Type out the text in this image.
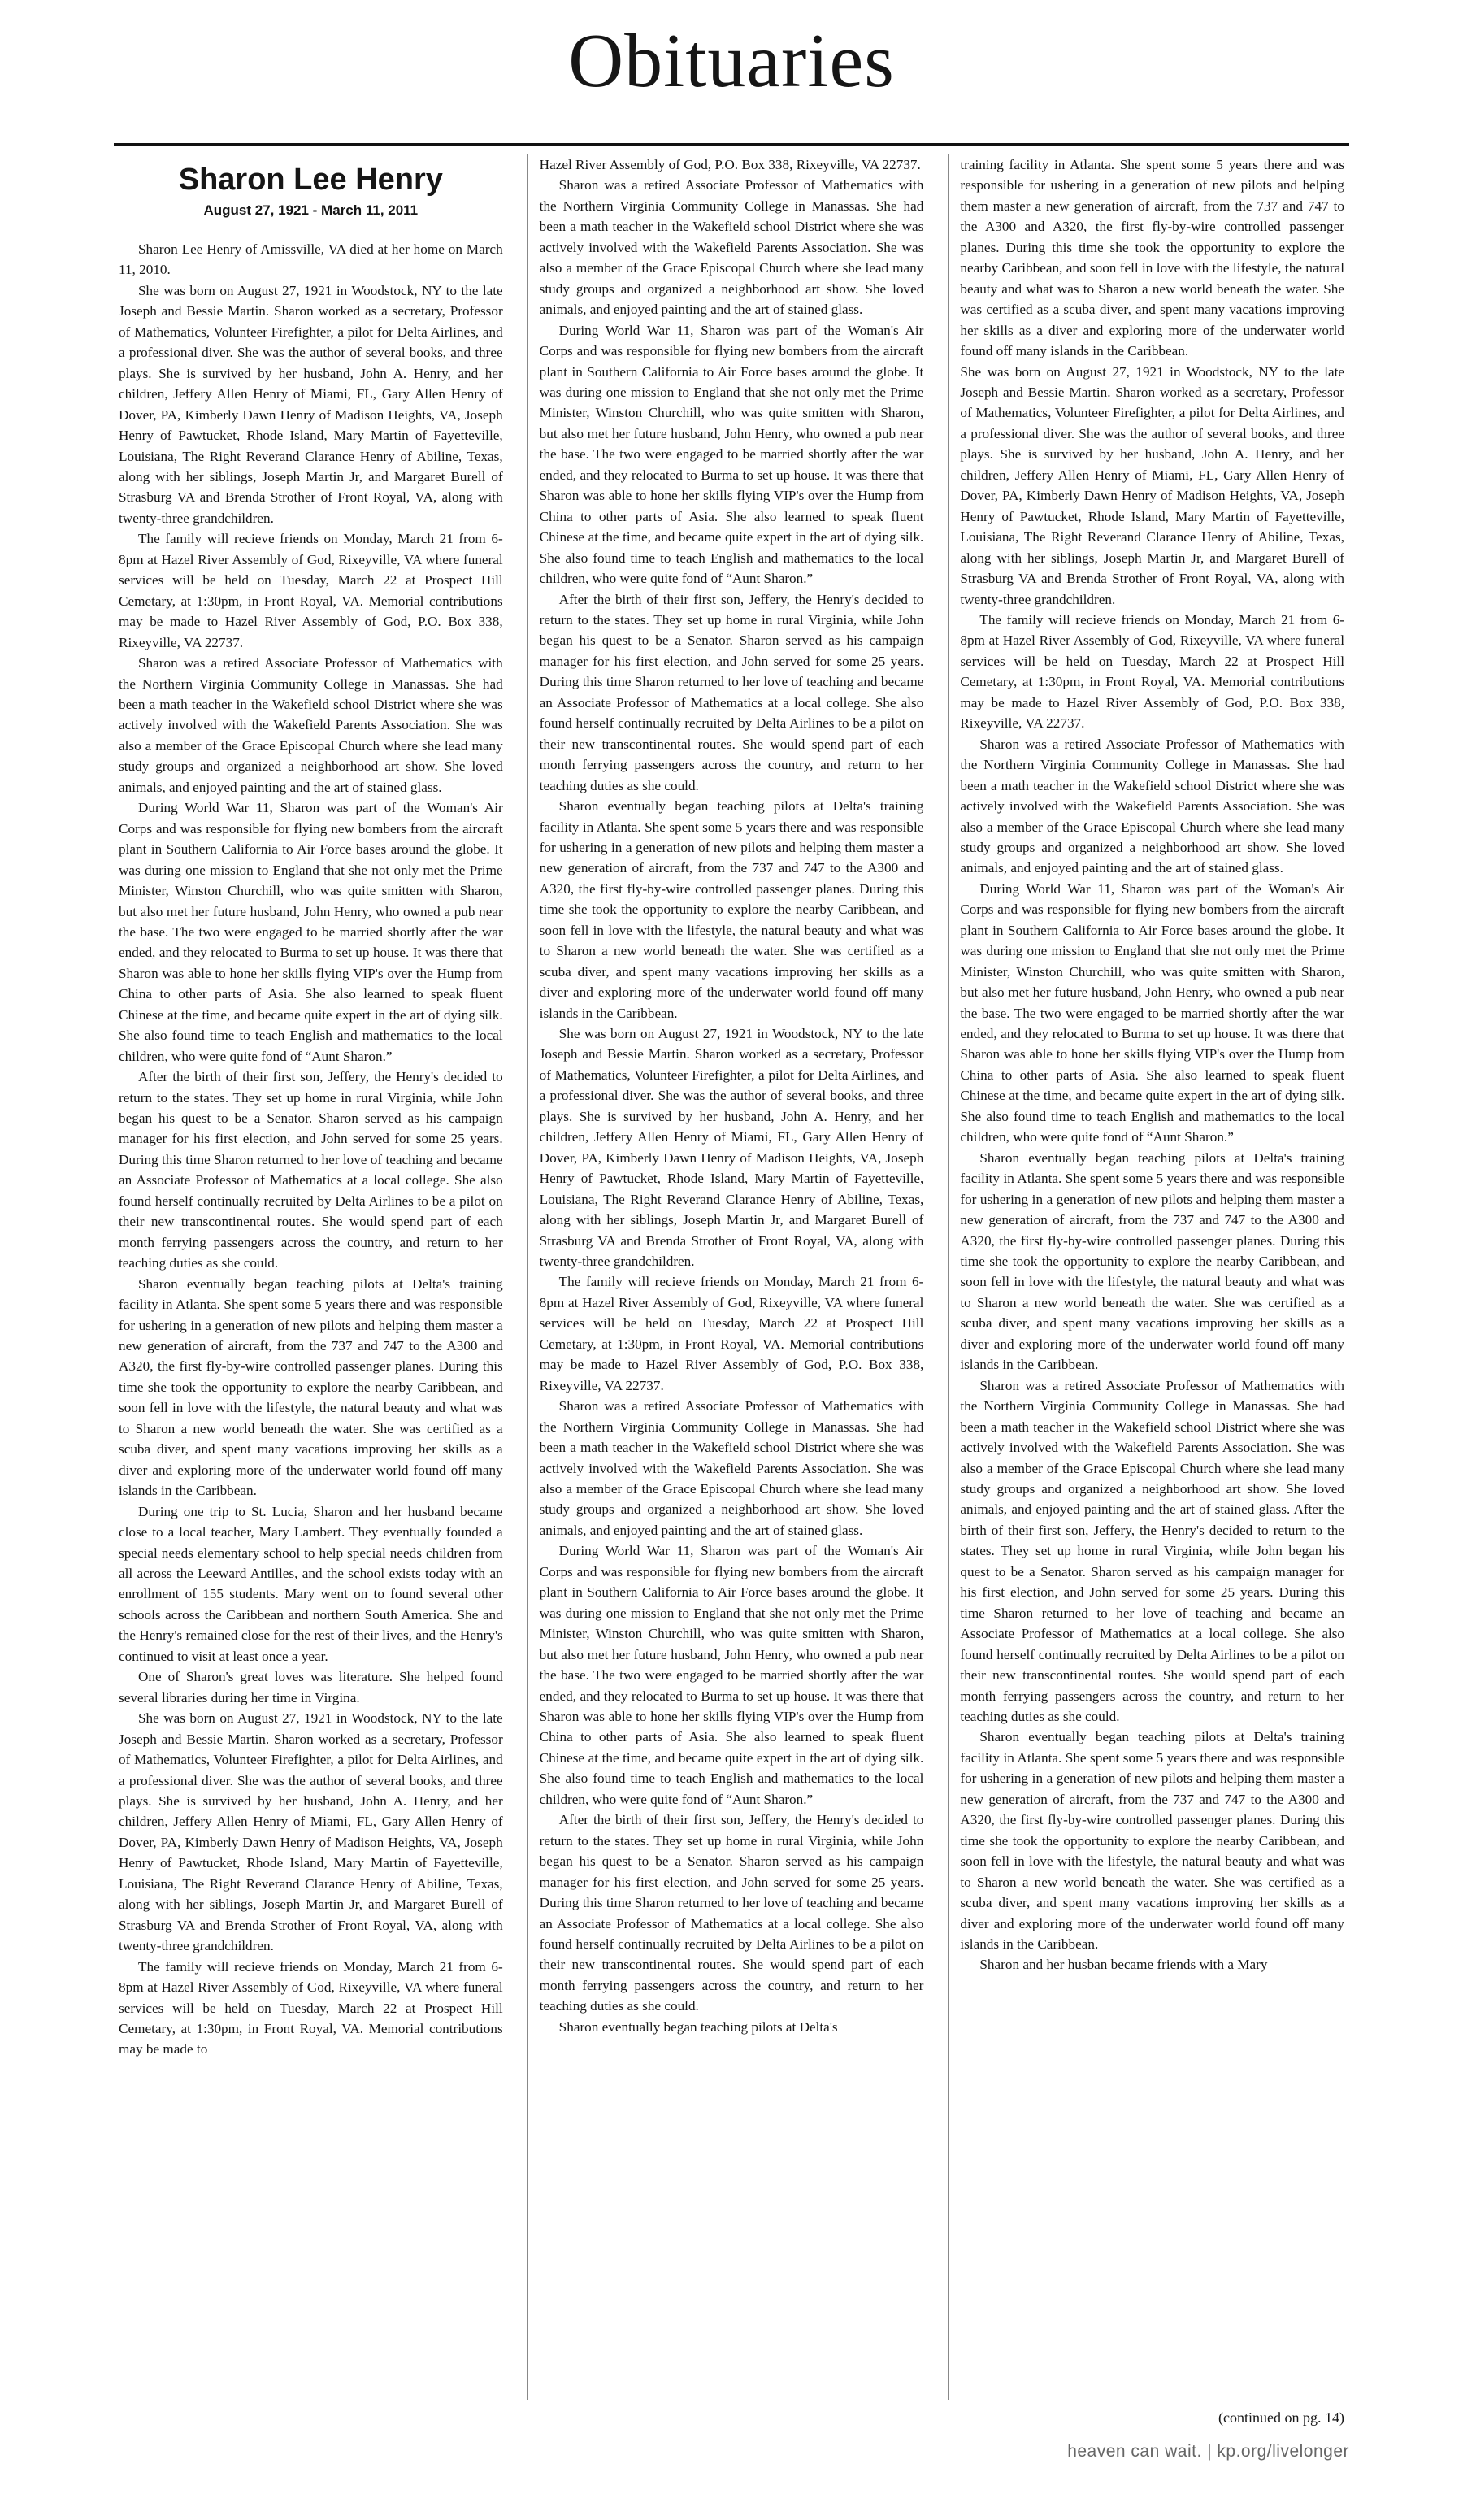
Obituaries
Sharon Lee Henry
August 27, 1921 - March 11, 2011

Sharon Lee Henry of Amissville, VA died at her home on March 11, 2010.

She was born on August 27, 1921 in Woodstock, NY to the late Joseph and Bessie Martin. Sharon worked as a secretary, Professor of Mathematics, Volunteer Firefighter, a pilot for Delta Airlines, and a professional diver. She was the author of several books, and three plays. She is survived by her husband, John A. Henry, and her children, Jeffery Allen Henry of Miami, FL, Gary Allen Henry of Dover, PA, Kimberly Dawn Henry of Madison Heights, VA, Joseph Henry of Pawtucket, Rhode Island, Mary Martin of Fayetteville, Louisiana, The Right Reverand Clarance Henry of Abiline, Texas, along with her siblings, Joseph Martin Jr, and Margaret Burell of Strasburg VA and Brenda Strother of Front Royal, VA, along with twenty-three grandchildren.

The family will recieve friends on Monday, March 21 from 6-8pm at Hazel River Assembly of God, Rixeyville, VA where funeral services will be held on Tuesday, March 22 at Prospect Hill Cemetary, at 1:30pm, in Front Royal, VA. Memorial contributions may be made to Hazel River Assembly of God, P.O. Box 338, Rixeyville, VA 22737.

Sharon was a retired Associate Professor of Mathematics with the Northern Virginia Community College in Manassas. She had been a math teacher in the Wakefield school District where she was actively involved with the Wakefield Parents Association. She was also a member of the Grace Episcopal Church where she lead many study groups and organized a neighborhood art show. She loved animals, and enjoyed painting and the art of stained glass.

During World War 11, Sharon was part of the Woman's Air Corps and was responsible for flying new bombers from the aircraft plant in Southern California to Air Force bases around the globe. It was during one mission to England that she not only met the Prime Minister, Winston Churchill, who was quite smitten with Sharon, but also met her future husband, John Henry, who owned a pub near the base. The two were engaged to be married shortly after the war ended, and they relocated to Burma to set up house. It was there that Sharon was able to hone her skills flying VIP's over the Hump from China to other parts of Asia. She also learned to speak fluent Chinese at the time, and became quite expert in the art of dying silk. She also found time to teach English and mathematics to the local children, who were quite fond of “Aunt Sharon.”

After the birth of their first son, Jeffery, the Henry's decided to return to the states. They set up home in rural Virginia, while John began his quest to be a Senator. Sharon served as his campaign manager for his first election, and John served for some 25 years. During this time Sharon returned to her love of teaching and became an Associate Professor of Mathematics at a local college. She also found herself continually recruited by Delta Airlines to be a pilot on their new transcontinental routes. She would spend part of each month ferrying passengers across the country, and return to her teaching duties as she could.

Sharon eventually began teaching pilots at Delta's training facility in Atlanta. She spent some 5 years there and was responsible for ushering in a generation of new pilots and helping them master a new generation of aircraft, from the 737 and 747 to the A300 and A320, the first fly-by-wire controlled passenger planes. During this time she took the opportunity to explore the nearby Caribbean, and soon fell in love with the lifestyle, the natural beauty and what was to Sharon a new world beneath the water. She was certified as a scuba diver, and spent many vacations improving her skills as a diver and exploring more of the underwater world found off many islands in the Caribbean.

During one trip to St. Lucia, Sharon and her husband became close to a local teacher, Mary Lambert. They eventually founded a special needs elementary school to help special needs children from all across the Leeward Antilles, and the school exists today with an enrollment of 155 students. Mary went on to found several other schools across the Caribbean and northern South America. She and the Henry's remained close for the rest of their lives, and the Henry's continued to visit at least once a year.

One of Sharon's great loves was literature. She helped found several libraries during her time in Virgina.

She was born on August 27, 1921 in Woodstock, NY to the late Joseph and Bessie Martin. Sharon worked as a secretary, Professor of Mathematics, Volunteer Firefighter, a pilot for Delta Airlines, and a professional diver. She was the author of several books, and three plays. She is survived by her husband, John A. Henry, and her children, Jeffery Allen Henry of Miami, FL, Gary Allen Henry of Dover, PA, Kimberly Dawn Henry of Madison Heights, VA, Joseph Henry of Pawtucket, Rhode Island, Mary Martin of Fayetteville, Louisiana, The Right Reverand Clarance Henry of Abiline, Texas, along with her siblings, Joseph Martin Jr, and Margaret Burell of Strasburg VA and Brenda Strother of Front Royal, VA, along with twenty-three grandchildren.

The family will recieve friends on Monday, March 21 from 6-8pm at Hazel River Assembly of God, Rixeyville, VA where funeral services will be held on Tuesday, March 22 at Prospect Hill Cemetary, at 1:30pm, in Front Royal, VA. Memorial contributions may be made to

Hazel River Assembly of God, P.O. Box 338, Rixeyville, VA 22737.

Sharon was a retired Associate Professor of Mathematics with the Northern Virginia Community College in Manassas. She had been a math teacher in the Wakefield school District where she was actively involved with the Wakefield Parents Association. She was also a member of the Grace Episcopal Church where she lead many study groups and organized a neighborhood art show. She loved animals, and enjoyed painting and the art of stained glass.

During World War 11, Sharon was part of the Woman's Air Corps and was responsible for flying new bombers from the aircraft plant in Southern California to Air Force bases around the globe. It was during one mission to England that she not only met the Prime Minister, Winston Churchill, who was quite smitten with Sharon, but also met her future husband, John Henry, who owned a pub near the base. The two were engaged to be married shortly after the war ended, and they relocated to Burma to set up house. It was there that Sharon was able to hone her skills flying VIP's over the Hump from China to other parts of Asia. She also learned to speak fluent Chinese at the time, and became quite expert in the art of dying silk. She also found time to teach English and mathematics to the local children, who were quite fond of “Aunt Sharon.”

After the birth of their first son, Jeffery, the Henry's decided to return to the states. They set up home in rural Virginia, while John began his quest to be a Senator. Sharon served as his campaign manager for his first election, and John served for some 25 years. During this time Sharon returned to her love of teaching and became an Associate Professor of Mathematics at a local college. She also found herself continually recruited by Delta Airlines to be a pilot on their new transcontinental routes. She would spend part of each month ferrying passengers across the country, and return to her teaching duties as she could.

Sharon eventually began teaching pilots at Delta's training facility in Atlanta. She spent some 5 years there and was responsible for ushering in a generation of new pilots and helping them master a new generation of aircraft, from the 737 and 747 to the A300 and A320, the first fly-by-wire controlled passenger planes. During this time she took the opportunity to explore the nearby Caribbean, and soon fell in love with the lifestyle, the natural beauty and what was to Sharon a new world beneath the water. She was certified as a scuba diver, and spent many vacations improving her skills as a diver and exploring more of the underwater world found off many islands in the Caribbean.

She was born on August 27, 1921 in Woodstock, NY to the late Joseph and Bessie Martin. Sharon worked as a secretary, Professor of Mathematics, Volunteer Firefighter, a pilot for Delta Airlines, and a professional diver. She was the author of several books, and three plays. She is survived by her husband, John A. Henry, and her children, Jeffery Allen Henry of Miami, FL, Gary Allen Henry of Dover, PA, Kimberly Dawn Henry of Madison Heights, VA, Joseph Henry of Pawtucket, Rhode Island, Mary Martin of Fayetteville, Louisiana, The Right Reverand Clarance Henry of Abiline, Texas, along with her siblings, Joseph Martin Jr, and Margaret Burell of Strasburg VA and Brenda Strother of Front Royal, VA, along with twenty-three grandchildren.

The family will recieve friends on Monday, March 21 from 6-8pm at Hazel River Assembly of God, Rixeyville, VA where funeral services will be held on Tuesday, March 22 at Prospect Hill Cemetary, at 1:30pm, in Front Royal, VA. Memorial contributions may be made to Hazel River Assembly of God, P.O. Box 338, Rixeyville, VA 22737.

Sharon was a retired Associate Professor of Mathematics with the Northern Virginia Community College in Manassas. She had been a math teacher in the Wakefield school District where she was actively involved with the Wakefield Parents Association. She was also a member of the Grace Episcopal Church where she lead many study groups and organized a neighborhood art show. She loved animals, and enjoyed painting and the art of stained glass.

During World War 11, Sharon was part of the Woman's Air Corps and was responsible for flying new bombers from the aircraft plant in Southern California to Air Force bases around the globe. It was during one mission to England that she not only met the Prime Minister, Winston Churchill, who was quite smitten with Sharon, but also met her future husband, John Henry, who owned a pub near the base. The two were engaged to be married shortly after the war ended, and they relocated to Burma to set up house. It was there that Sharon was able to hone her skills flying VIP's over the Hump from China to other parts of Asia. She also learned to speak fluent Chinese at the time, and became quite expert in the art of dying silk. She also found time to teach English and mathematics to the local children, who were quite fond of “Aunt Sharon.”

After the birth of their first son, Jeffery, the Henry's decided to return to the states. They set up home in rural Virginia, while John began his quest to be a Senator. Sharon served as his campaign manager for his first election, and John served for some 25 years. During this time Sharon returned to her love of teaching and became an Associate Professor of Mathematics at a local college. She also found herself continually recruited by Delta Airlines to be a pilot on their new transcontinental routes. She would spend part of each month ferrying passengers across the country, and return to her teaching duties as she could.

Sharon eventually began teaching pilots at Delta's

training facility in Atlanta. She spent some 5 years there and was responsible for ushering in a generation of new pilots and helping them master a new generation of aircraft, from the 737 and 747 to the A300 and A320, the first fly-by-wire controlled passenger planes. During this time she took the opportunity to explore the nearby Caribbean, and soon fell in love with the lifestyle, the natural beauty and what was to Sharon a new world beneath the water. She was certified as a scuba diver, and spent many vacations improving her skills as a diver and exploring more of the underwater world found off many islands in the Caribbean.

She was born on August 27, 1921 in Woodstock, NY to the late Joseph and Bessie Martin. Sharon worked as a secretary, Professor of Mathematics, Volunteer Firefighter, a pilot for Delta Airlines, and a professional diver. She was the author of several books, and three plays. She is survived by her husband, John A. Henry, and her children, Jeffery Allen Henry of Miami, FL, Gary Allen Henry of Dover, PA, Kimberly Dawn Henry of Madison Heights, VA, Joseph Henry of Pawtucket, Rhode Island, Mary Martin of Fayetteville, Louisiana, The Right Reverand Clarance Henry of Abiline, Texas, along with her siblings, Joseph Martin Jr, and Margaret Burell of Strasburg VA and Brenda Strother of Front Royal, VA, along with twenty-three grandchildren.

The family will recieve friends on Monday, March 21 from 6-8pm at Hazel River Assembly of God, Rixeyville, VA where funeral services will be held on Tuesday, March 22 at Prospect Hill Cemetary, at 1:30pm, in Front Royal, VA. Memorial contributions may be made to Hazel River Assembly of God, P.O. Box 338, Rixeyville, VA 22737.

Sharon was a retired Associate Professor of Mathematics with the Northern Virginia Community College in Manassas. She had been a math teacher in the Wakefield school District where she was actively involved with the Wakefield Parents Association. She was also a member of the Grace Episcopal Church where she lead many study groups and organized a neighborhood art show. She loved animals, and enjoyed painting and the art of stained glass.

During World War 11, Sharon was part of the Woman's Air Corps and was responsible for flying new bombers from the aircraft plant in Southern California to Air Force bases around the globe. It was during one mission to England that she not only met the Prime Minister, Winston Churchill, who was quite smitten with Sharon, but also met her future husband, John Henry, who owned a pub near the base. The two were engaged to be married shortly after the war ended, and they relocated to Burma to set up house. It was there that Sharon was able to hone her skills flying VIP's over the Hump from China to other parts of Asia. She also learned to speak fluent Chinese at the time, and became quite expert in the art of dying silk. She also found time to teach English and mathematics to the local children, who were quite fond of “Aunt Sharon.”

Sharon eventually began teaching pilots at Delta's training facility in Atlanta. She spent some 5 years there and was responsible for ushering in a generation of new pilots and helping them master a new generation of aircraft, from the 737 and 747 to the A300 and A320, the first fly-by-wire controlled passenger planes. During this time she took the opportunity to explore the nearby Caribbean, and soon fell in love with the lifestyle, the natural beauty and what was to Sharon a new world beneath the water. She was certified as a scuba diver, and spent many vacations improving her skills as a diver and exploring more of the underwater world found off many islands in the Caribbean.

Sharon was a retired Associate Professor of Mathematics with the Northern Virginia Community College in Manassas. She had been a math teacher in the Wakefield school District where she was actively involved with the Wakefield Parents Association. She was also a member of the Grace Episcopal Church where she lead many study groups and organized a neighborhood art show. She loved animals, and enjoyed painting and the art of stained glass. After the birth of their first son, Jeffery, the Henry's decided to return to the states. They set up home in rural Virginia, while John began his quest to be a Senator. Sharon served as his campaign manager for his first election, and John served for some 25 years. During this time Sharon returned to her love of teaching and became an Associate Professor of Mathematics at a local college. She also found herself continually recruited by Delta Airlines to be a pilot on their new transcontinental routes. She would spend part of each month ferrying passengers across the country, and return to her teaching duties as she could.

Sharon eventually began teaching pilots at Delta's training facility in Atlanta. She spent some 5 years there and was responsible for ushering in a generation of new pilots and helping them master a new generation of aircraft, from the 737 and 747 to the A300 and A320, the first fly-by-wire controlled passenger planes. During this time she took the opportunity to explore the nearby Caribbean, and soon fell in love with the lifestyle, the natural beauty and what was to Sharon a new world beneath the water. She was certified as a scuba diver, and spent many vacations improving her skills as a diver and exploring more of the underwater world found off many islands in the Caribbean.

Sharon and her husban became friends with a Mary

(continued on pg. 14)
heaven can wait. | kp.org/livelonger
